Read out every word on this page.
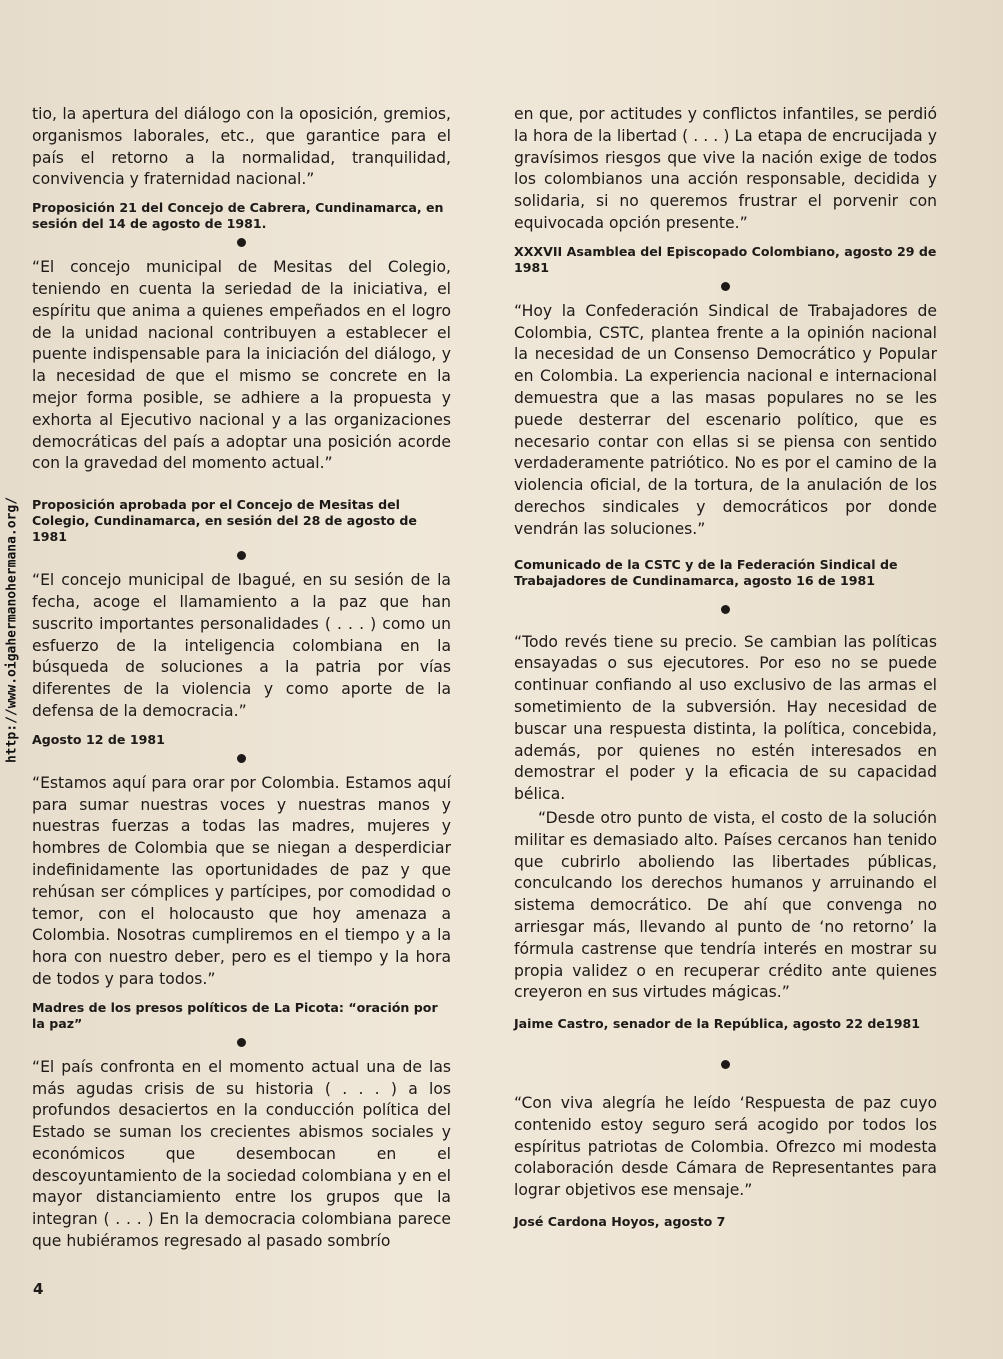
http://www.oigahermanohermana.org/

tio, la apertura del diálogo con la oposición, gremios, organismos laborales, etc., que garantice para el país el retorno a la normalidad, tranquilidad, convivencia y fraternidad nacional.”

Proposición 21 del Concejo de Cabrera, Cundinamarca, en sesión del 14 de agosto de 1981.

“El concejo municipal de Mesitas del Colegio, teniendo en cuenta la seriedad de la iniciativa, el espíritu que anima a quienes empeñados en el logro de la unidad nacional contribuyen a establecer el puente indispensable para la iniciación del diálogo, y la necesidad de que el mismo se concrete en la mejor forma posible, se adhiere a la propuesta y exhorta al Ejecutivo nacional y a las organizaciones democráticas del país a adoptar una posición acorde con la gravedad del momento actual.”

Proposición aprobada por el Concejo de Mesitas del Colegio, Cundinamarca, en sesión del 28 de agosto de 1981

“El concejo municipal de Ibagué, en su sesión de la fecha, acoge el llamamiento a la paz que han suscrito importantes personalidades ( . . . ) como un esfuerzo de la inteligencia colombiana en la búsqueda de soluciones a la patria por vías diferentes de la violencia y como aporte de la defensa de la democracia.”

Agosto 12 de 1981

“Estamos aquí para orar por Colombia. Estamos aquí para sumar nuestras voces y nuestras manos y nuestras fuerzas a todas las madres, mujeres y hombres de Colombia que se niegan a desperdiciar indefinidamente las oportunidades de paz y que rehúsan ser cómplices y partícipes, por comodidad o temor, con el holocausto que hoy amenaza a Colombia. Nosotras cumpliremos en el tiempo y a la hora con nuestro deber, pero es el tiempo y la hora de todos y para todos.”

Madres de los presos políticos de La Picota: “oración por la paz”

“El país confronta en el momento actual una de las más agudas crisis de su historia ( . . . ) a los profundos desaciertos en la conducción política del Estado se suman los crecientes abismos sociales y económicos que desembocan en el descoyuntamiento de la sociedad colombiana y en el mayor distanciamiento entre los grupos que la integran ( . . . ) En la democracia colombiana parece que hubiéramos regresado al pasado sombrío

en que, por actitudes y conflictos infantiles, se perdió la hora de la libertad ( . . . ) La etapa de encrucijada y gravísimos riesgos que vive la nación exige de todos los colombianos una acción responsable, decidida y solidaria, si no queremos frustrar el porvenir con equivocada opción presente.”

XXXVII Asamblea del Episcopado Colombiano, agosto 29 de 1981

“Hoy la Confederación Sindical de Trabajadores de Colombia, CSTC, plantea frente a la opinión nacional la necesidad de un Consenso Democrático y Popular en Colombia. La experiencia nacional e internacional demuestra que a las masas populares no se les puede desterrar del escenario político, que es necesario contar con ellas si se piensa con sentido verdaderamente patriótico. No es por el camino de la violencia oficial, de la tortura, de la anulación de los derechos sindicales y democráticos por donde vendrán las soluciones.”

Comunicado de la CSTC y de la Federación Sindical de Trabajadores de Cundinamarca, agosto 16 de 1981

“Todo revés tiene su precio. Se cambian las políticas ensayadas o sus ejecutores. Por eso no se puede continuar confiando al uso exclusivo de las armas el sometimiento de la subversión. Hay necesidad de buscar una respuesta distinta, la política, concebida, además, por quienes no estén interesados en demostrar el poder y la eficacia de su capacidad bélica.

“Desde otro punto de vista, el costo de la solución militar es demasiado alto. Países cercanos han tenido que cubrirlo aboliendo las libertades públicas, conculcando los derechos humanos y arruinando el sistema democrático. De ahí que convenga no arriesgar más, llevando al punto de ‘no retorno’ la fórmula castrense que tendría interés en mostrar su propia validez o en recuperar crédito ante quienes creyeron en sus virtudes mágicas.”

Jaime Castro, senador de la República, agosto 22 de1981

“Con viva alegría he leído ‘Respuesta de paz cuyo contenido estoy seguro será acogido por todos los espíritus patriotas de Colombia. Ofrezco mi modesta colaboración desde Cámara de Representantes para lograr objetivos ese mensaje.”

José Cardona Hoyos, agosto 7
4
